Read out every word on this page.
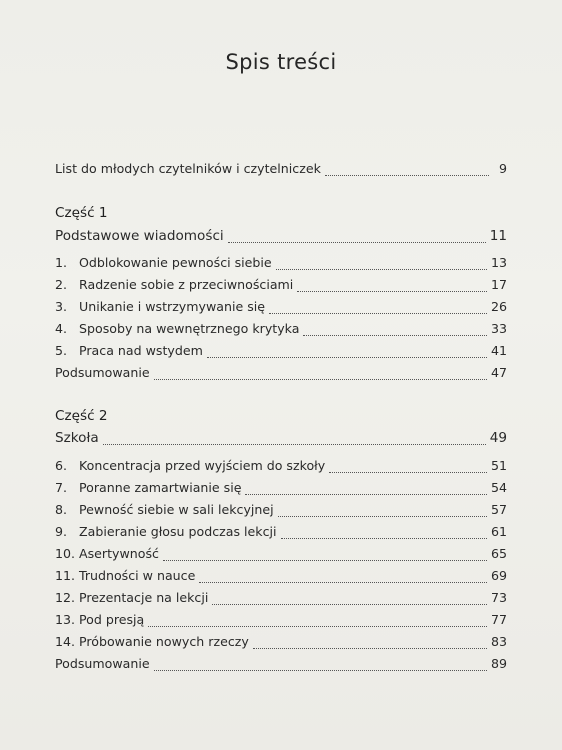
Spis treści
List do młodych czytelników i czytelniczek	9
Część 1
Podstawowe wiadomości	11
1. Odblokowanie pewności siebie	13
2. Radzenie sobie z przeciwnościami	17
3. Unikanie i wstrzymywanie się	26
4. Sposoby na wewnętrznego krytyka	33
5. Praca nad wstydem	41
Podsumowanie	47
Część 2
Szkoła	49
6. Koncentracja przed wyjściem do szkoły	51
7. Poranne zamartwianie się	54
8. Pewność siebie w sali lekcyjnej	57
9. Zabieranie głosu podczas lekcji	61
10. Asertywność	65
11. Trudności w nauce	69
12. Prezentacje na lekcji	73
13. Pod presją	77
14. Próbowanie nowych rzeczy	83
Podsumowanie	89
